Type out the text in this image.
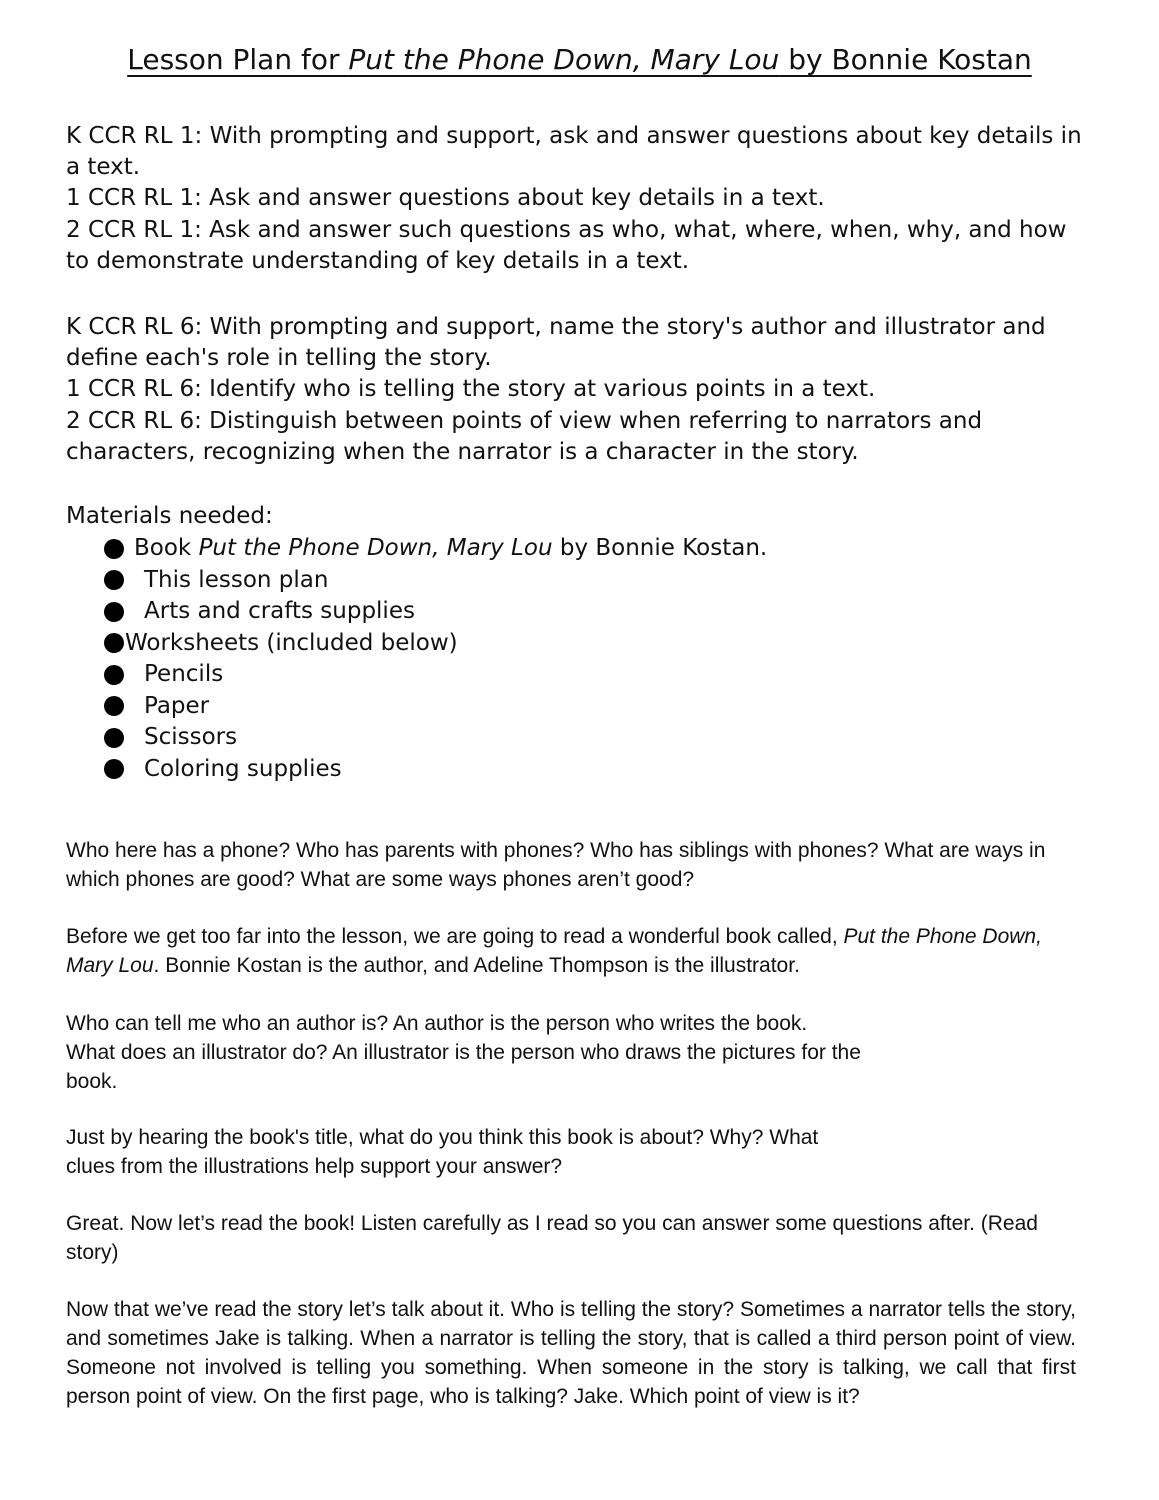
Lesson Plan for Put the Phone Down, Mary Lou by Bonnie Kostan

K CCR RL 1: With prompting and support, ask and answer questions about key details in a text.

1 CCR RL 1: Ask and answer questions about key details in a text.

2 CCR RL 1: Ask and answer such questions as who, what, where, when, why, and how to demonstrate understanding of key details in a text.

K CCR RL 6: With prompting and support, name the story's author and illustrator and define each's role in telling the story.

1 CCR RL 6: Identify who is telling the story at various points in a text.

2 CCR RL 6: Distinguish between points of view when referring to narrators and characters, recognizing when the narrator is a character in the story.

Materials needed:
Book Put the Phone Down, Mary Lou by Bonnie Kostan.
This lesson plan
Arts and crafts supplies
Worksheets (included below)
Pencils
Paper
Scissors
Coloring supplies

Who here has a phone? Who has parents with phones? Who has siblings with phones? What are ways in which phones are good? What are some ways phones aren’t good?

Before we get too far into the lesson, we are going to read a wonderful book called, Put the Phone Down, Mary Lou. Bonnie Kostan is the author, and Adeline Thompson is the illustrator.

Who can tell me who an author is? An author is the person who writes the book.

What does an illustrator do? An illustrator is the person who draws the pictures for the book.

Just by hearing the book's title, what do you think this book is about? Why? What clues from the illustrations help support your answer?

Great. Now let’s read the book! Listen carefully as I read so you can answer some questions after. (Read story)

Now that we’ve read the story let’s talk about it. Who is telling the story? Sometimes a narrator tells the story, and sometimes Jake is talking. When a narrator is telling the story, that is called a third person point of view. Someone not involved is telling you something. When someone in the story is talking, we call that first person point of view. On the first page, who is talking? Jake. Which point of view is it?
